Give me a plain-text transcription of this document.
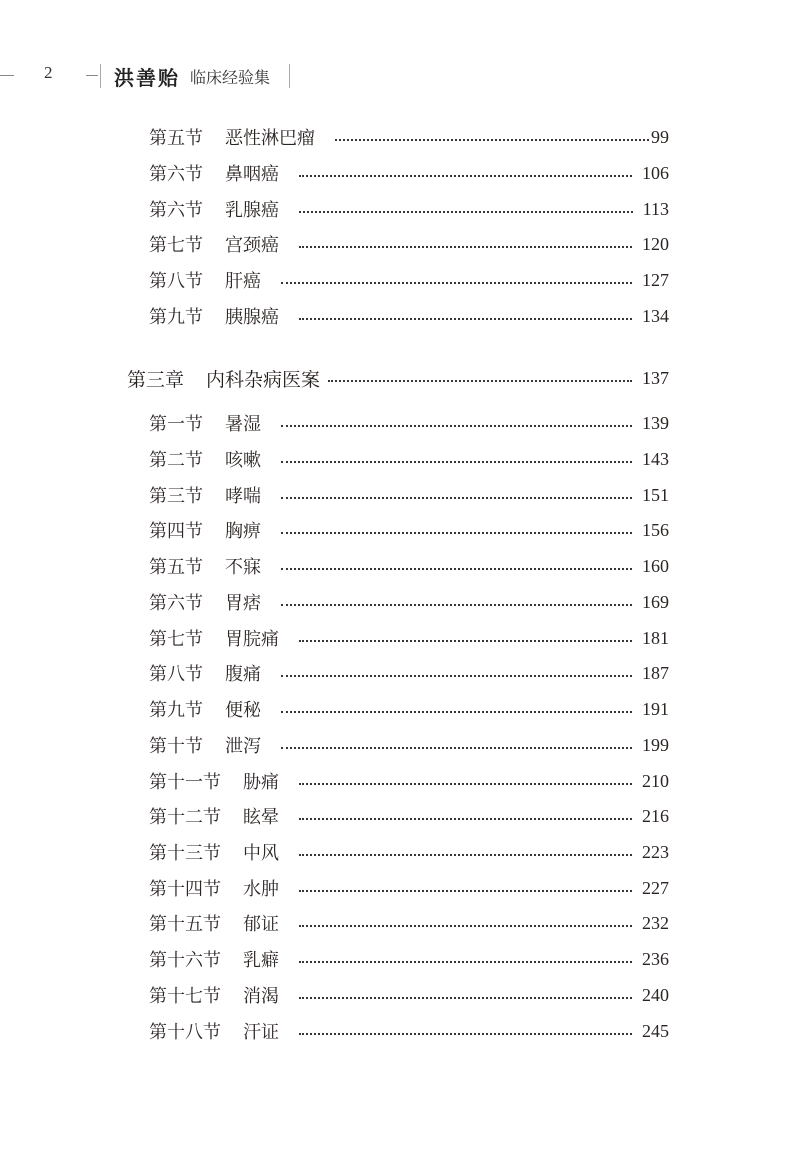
2	洪善贻 临床经验集
第五节 恶性淋巴瘤	99
第六节 鼻咽癌	106
第六节 乳腺癌	113
第七节 宫颈癌	120
第八节 肝癌	127
第九节 胰腺癌	134
第三章 内科杂病医案	137
第一节 暑湿	139
第二节 咳嗽	143
第三节 哮喘	151
第四节 胸痹	156
第五节 不寐	160
第六节 胃痞	169
第七节 胃脘痛	181
第八节 腹痛	187
第九节 便秘	191
第十节 泄泻	199
第十一节 胁痛	210
第十二节 眩晕	216
第十三节 中风	223
第十四节 水肿	227
第十五节 郁证	232
第十六节 乳癖	236
第十七节 消渴	240
第十八节 汗证	245
